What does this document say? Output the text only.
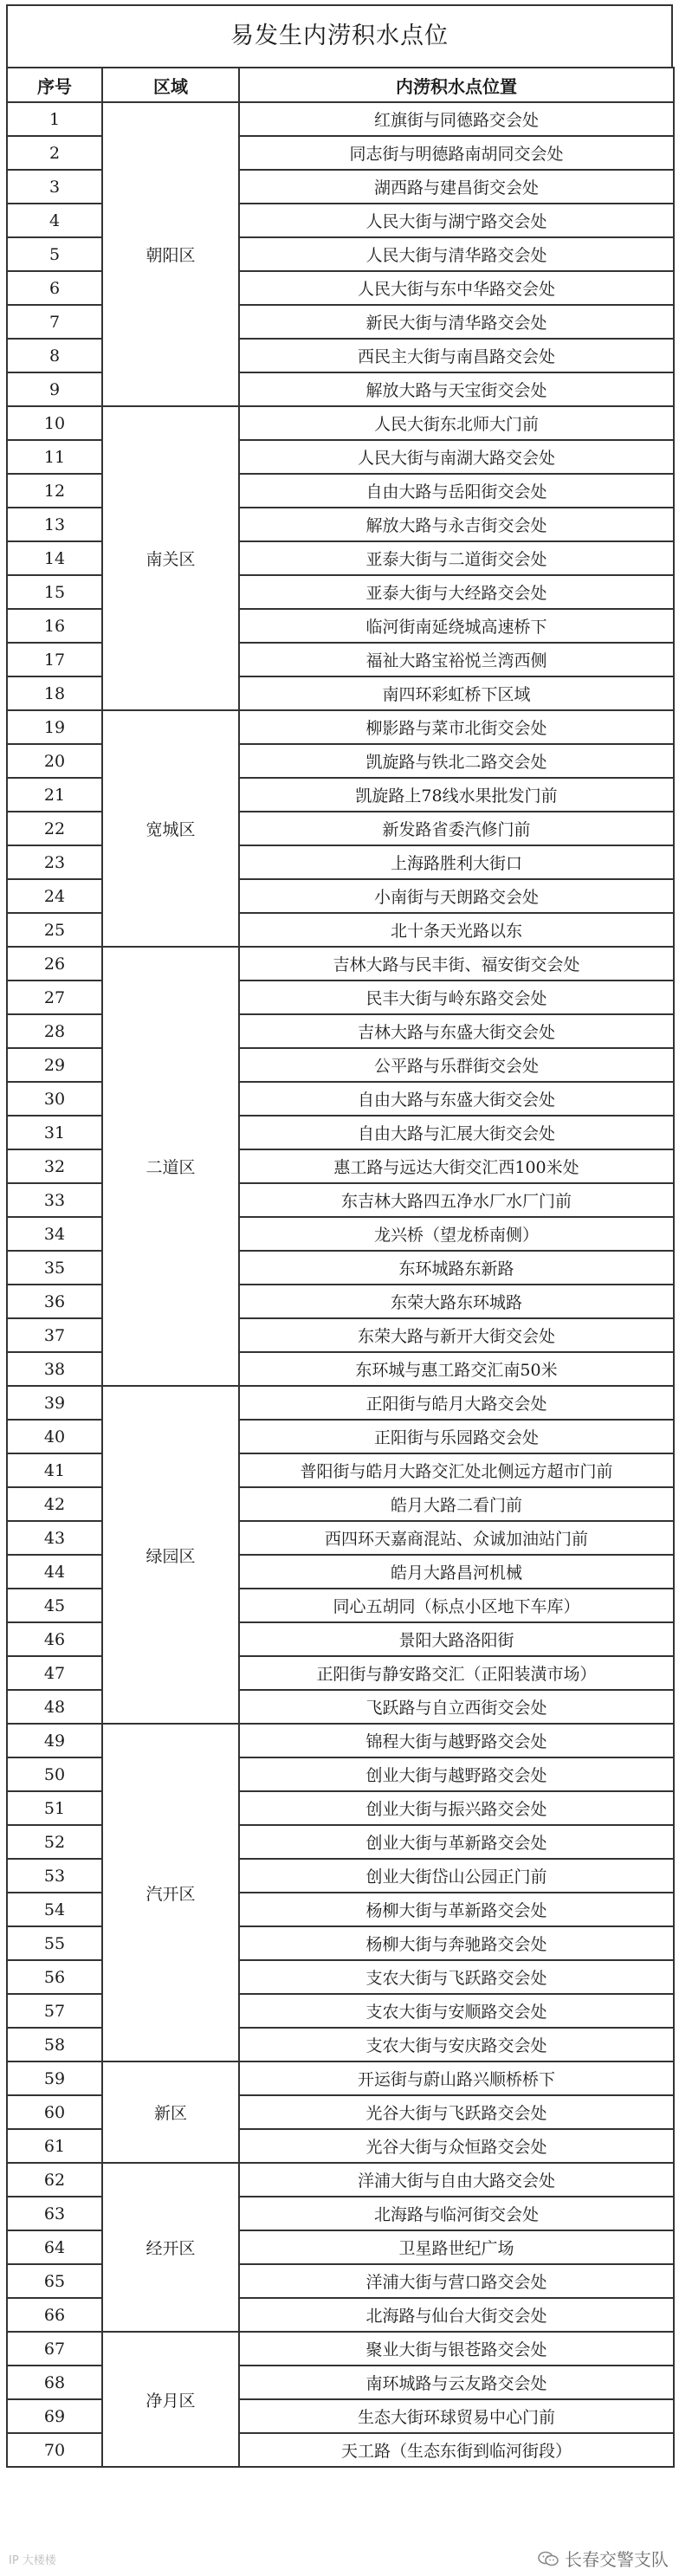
易发生内涝积水点位
序号	区域	内涝积水点位置
1	朝阳区	红旗街与同德路交会处
2		同志街与明德路南胡同交会处
3		湖西路与建昌街交会处
4		人民大街与湖宁路交会处
5		人民大街与清华路交会处
6		人民大街与东中华路交会处
7		新民大街与清华路交会处
8		西民主大街与南昌路交会处
9		解放大路与天宝街交会处
10	南关区	人民大街东北师大门前
11		人民大街与南湖大路交会处
12		自由大路与岳阳街交会处
13		解放大路与永吉街交会处
14		亚泰大街与二道街交会处
15		亚泰大街与大经路交会处
16		临河街南延绕城高速桥下
17		福祉大路宝裕悦兰湾西侧
18		南四环彩虹桥下区域
19	宽城区	柳影路与菜市北街交会处
20		凯旋路与铁北二路交会处
21		凯旋路上78线水果批发门前
22		新发路省委汽修门前
23		上海路胜利大街口
24		小南街与天朗路交会处
25		北十条天光路以东
26	二道区	吉林大路与民丰街、福安街交会处
27		民丰大街与岭东路交会处
28		吉林大路与东盛大街交会处
29		公平路与乐群街交会处
30		自由大路与东盛大街交会处
31		自由大路与汇展大街交会处
32		惠工路与远达大街交汇西100米处
33		东吉林大路四五净水厂水厂门前
34		龙兴桥（望龙桥南侧）
35		东环城路东新路
36		东荣大路东环城路
37		东荣大路与新开大街交会处
38		东环城与惠工路交汇南50米
39	绿园区	正阳街与皓月大路交会处
40		正阳街与乐园路交会处
41		普阳街与皓月大路交汇处北侧远方超市门前
42		皓月大路二看门前
43		西四环天嘉商混站、众诚加油站门前
44		皓月大路昌河机械
45		同心五胡同（标点小区地下车库）
46		景阳大路洛阳街
47		正阳街与静安路交汇（正阳装潢市场）
48		飞跃路与自立西街交会处
49	汽开区	锦程大街与越野路交会处
50		创业大街与越野路交会处
51		创业大街与振兴路交会处
52		创业大街与革新路交会处
53		创业大街岱山公园正门前
54		杨柳大街与革新路交会处
55		杨柳大街与奔驰路交会处
56		支农大街与飞跃路交会处
57		支农大街与安顺路交会处
58		支农大街与安庆路交会处
59	新区	开运街与蔚山路兴顺桥桥下
60		光谷大街与飞跃路交会处
61		光谷大街与众恒路交会处
62	经开区	洋浦大街与自由大路交会处
63		北海路与临河街交会处
64		卫星路世纪广场
65		洋浦大街与营口路交会处
66		北海路与仙台大街交会处
67	净月区	聚业大街与银苍路交会处
68		南环城路与云友路交会处
69		生态大街环球贸易中心门前
70		天工路（生态东街到临河街段）
IP 大楼楼	长春交警支队
